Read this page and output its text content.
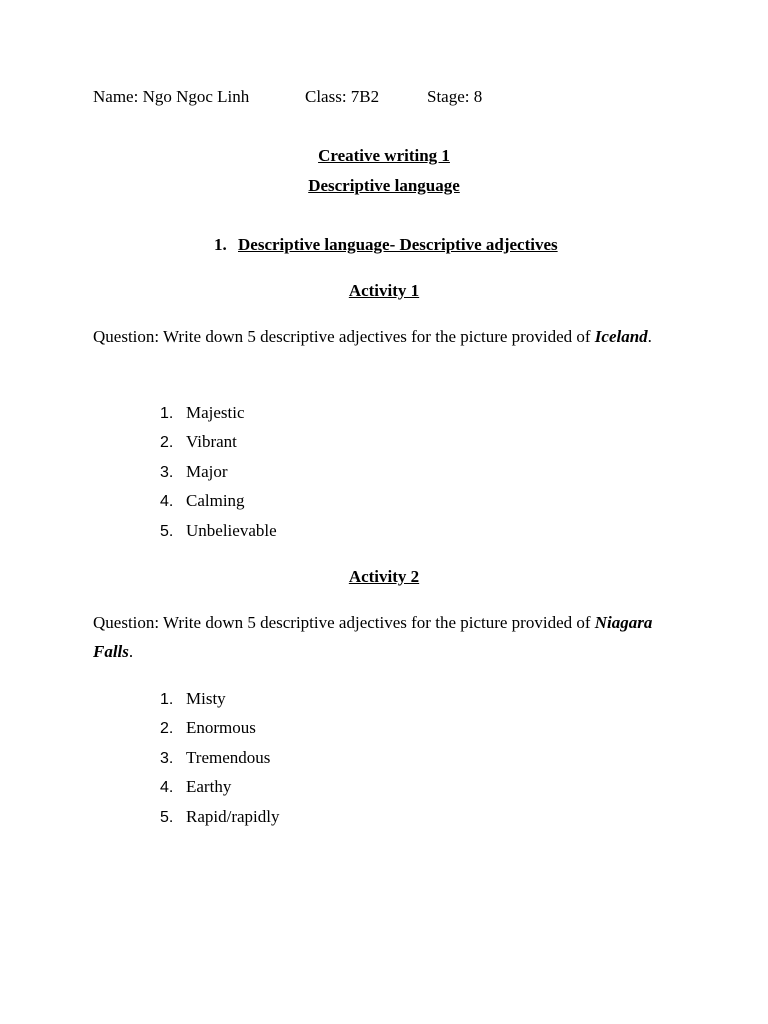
Name: Ngo Ngoc Linh	Class: 7B2	Stage: 8
Creative writing 1
Descriptive language
1. Descriptive language- Descriptive adjectives
Activity 1
Question: Write down 5 descriptive adjectives for the picture provided of Iceland.
1. Majestic
2. Vibrant
3. Major
4. Calming
5. Unbelievable
Activity 2
Question: Write down 5 descriptive adjectives for the picture provided of Niagara Falls.
1. Misty
2. Enormous
3. Tremendous
4. Earthy
5. Rapid/rapidly
